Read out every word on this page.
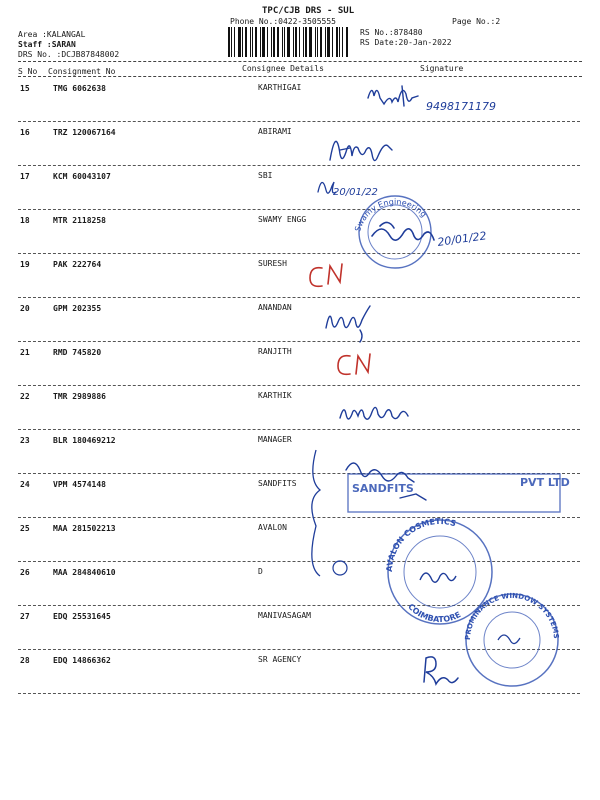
TPC/CJB DRS - SUL
Phone No.:0422-3505555	Page No.:2
RS No.:878480
RS Date:20-Jan-2022
Area :KALANGAL
Staff :SARAN
DRS No. :DCJB87848002
S No Consignment No	Consignee Details	Signature
15	TMG 6062638	KARTHIGAI
16	TRZ 120067164	ABIRAMI
17	KCM 60043107	SBI
18	MTR 2118258	SWAMY ENGG
19	PAK 222764	SURESH
20	GPM 202355	ANANDAN
21	RMD 745820	RANJITH
22	TMR 2989886	KARTHIK
23	BLR 180469212	MANAGER
24	VPM 4574148	SANDFITS
25	MAA 281502213	AVALON
26	MAA 284840610	D
27	EDQ 25531645	MANIVASAGAM
28	EDQ 14866362	SR AGENCY
9498171179
20/01/22
Swamy Engineering
20/01/22
SANDFITS	PVT LTD
AVALON COSMETICS
COIMBATORE
PROMINANCE WINDOW SYSTEMS
